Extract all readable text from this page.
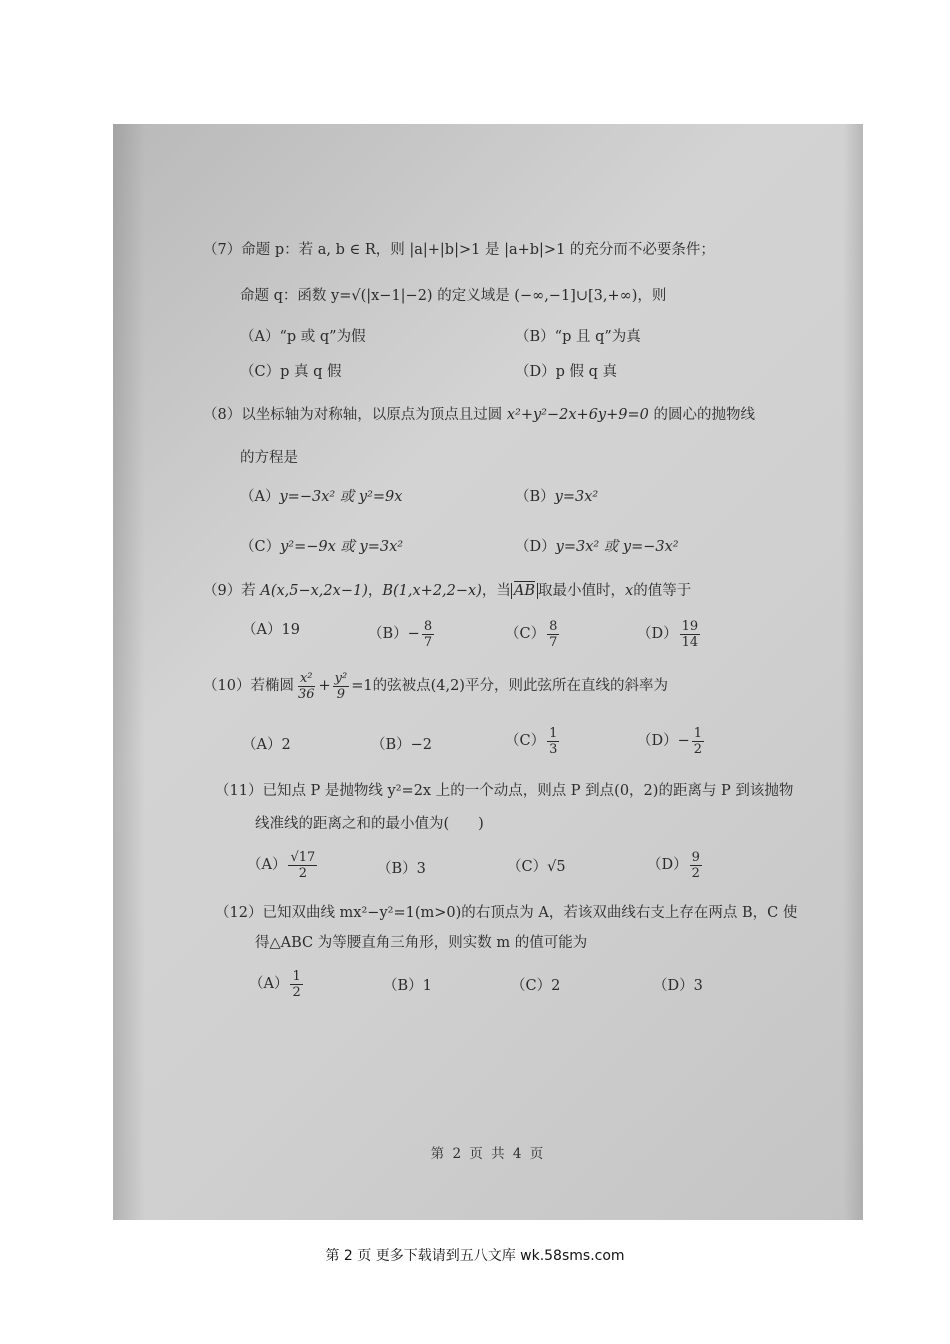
（7）命题 p：若 a, b ∈ R，则 |a|+|b|>1 是 |a+b|>1 的充分而不必要条件；
命题 q：函数 y=√(|x−1|−2) 的定义域是 (−∞,−1]∪[3,+∞)，则
（A）“p 或 q”为假	（B）“p 且 q”为真
（C）p 真 q 假	（D）p 假 q 真
（8）以坐标轴为对称轴，以原点为顶点且过圆 x²+y²−2x+6y+9=0 的圆心的抛物线
的方程是
（A）y=−3x² 或 y²=9x	（B）y=3x²
（C）y²=−9x 或 y=3x²	（D）y=3x² 或 y=−3x²
（9）若 A(x,5−x,2x−1)，B(1,x+2,2−x)，当 AB 取最小值时，x的值等于
（A）19	$(B) - \frac{8}{7}$	$(C) \frac{8}{7}$	$(D) \frac{19}{14}$
（10） 若椭圆 $\frac{\text{x²}}{36} + \frac{\text{y²}}{9} =1$ 的弦被点(4,2)平分，则此弦所在直线的斜率为
（A）2	（B）−2	$(C) \frac{1}{3}$	$(D)- \frac{1}{2}$
（11）已知点 P 是抛物线 y²=2x 上的一个动点，则点 P 到点(0，2)的距离与 P 到该抛物
线准线的距离之和的最小值为(　　)
$(A) \frac{√17}{2}$	（B）3	（C）√5	$(D) \frac{9}{2}$
（12）已知双曲线 mx²−y²=1(m>0)的右顶点为 A，若该双曲线右支上存在两点 B，C 使
得△ABC 为等腰直角三角形，则实数 m 的值可能为
$(A) \frac{1}{2}$	（B）1	（C）2	（D）3
第 2 页 共 4 页
第 2 页 更多下载请到五八文库 wk.58sms.com
